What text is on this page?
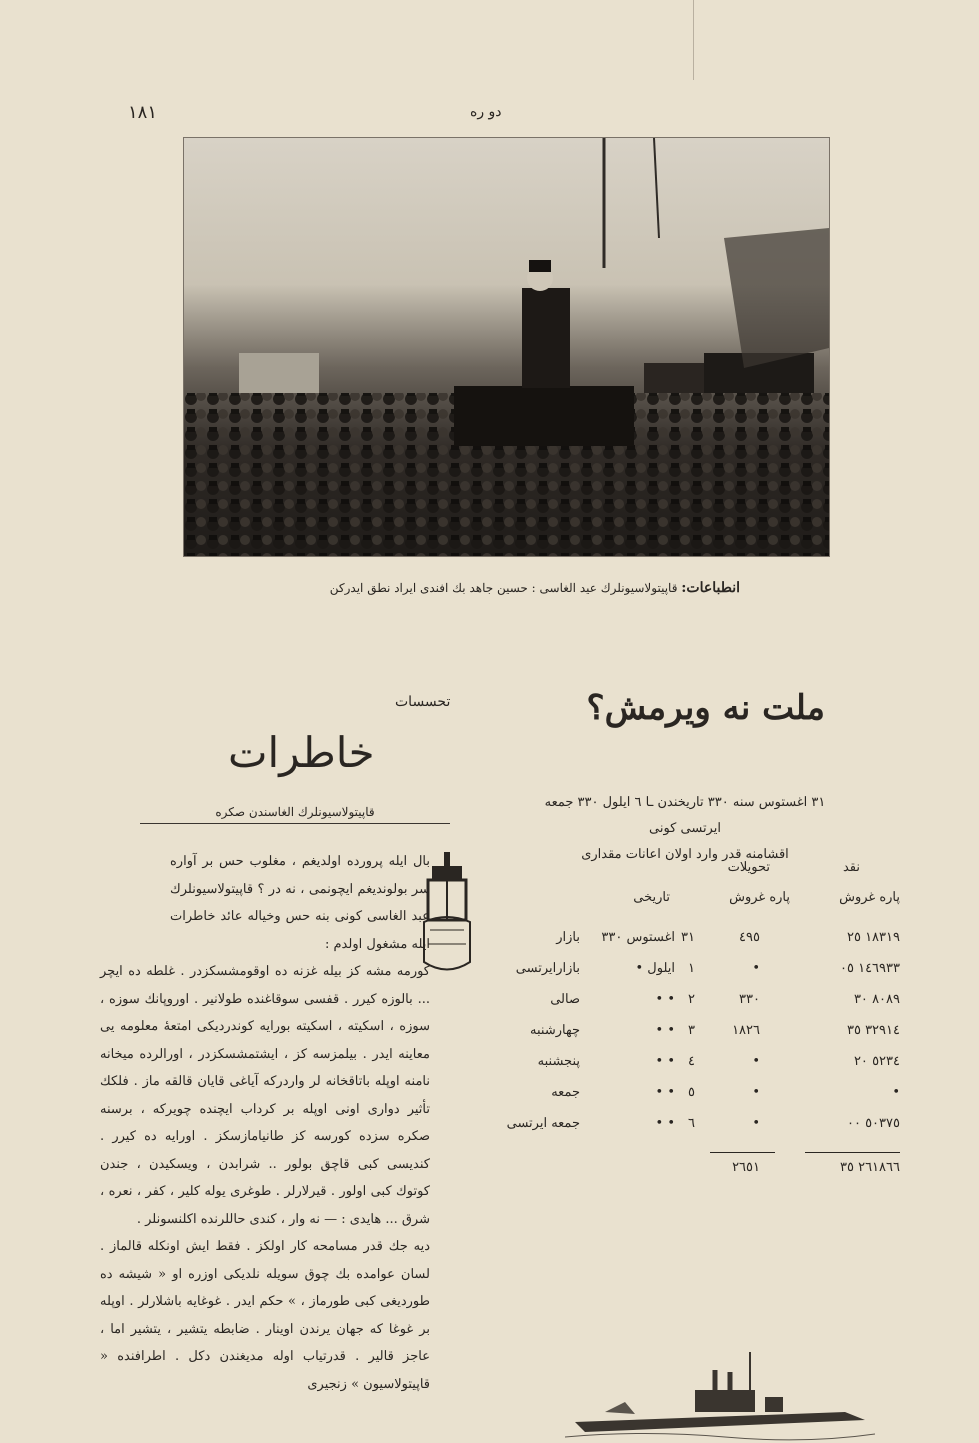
١٨١	دو ره
انطباعات: قاپیتولاسیونلرك عید الغاسی : حسین جاهد بك افندی ایراد نطق ایدركن
ملت نه ویرمش؟
تحسسات
خاطرات
٣١ اغستوس سنه ٣٣٠ تاریخندن ـا ٦ ایلول ٣٣٠ جمعه ایرتسی کونی
اقشامنه قدر وارد اولان اعانات مقداری
نقد
تحویلات
پاره غروش
پاره غروش
تاریخی
١٨٣١٩ ٢٥
٤٩٥
٣١
اغستوس ٣٣٠
بازار
١٤٦٩٣٣ ٠٥
•
١
ایلول •
بازارایرتسی
٨٠٨٩ ٣٠
٣٣٠
٢
• •
صالی
٣٢٩١٤ ٣٥
١٨٢٦
٣
• •
چهارشنبه
٥٢٣٤ ٢٠
•
٤
• •
پنجشنبه
•
•
٥
• •
جمعه
٥٠٣٧٥ ٠٠
•
٦
• •
جمعه ایرتسی
٢٦١٨٦٦ ٣٥
٢٦٥١
قاپیتولاسیونلرك الغاسندن صکره

بال ایله پرورده اولدیغم ، مغلوب حس بر آواره سر بولوندیغم ایچونمی ، نه در ؟ قاپیتولاسیونلرك عبد الغاسی کونی بنه حس وخیاله عائد خاطرات ایله مشغول اولدم :

کورمه مشه کز بیله غزنه ده اوقومشسکزدر . غلطه ده ایچر ... بالوزه کیرر . قفسی سوقاغنده طولانیر . اوروپانك سوزه ، سوزه ، اسکیته ، اسکیته بورایه کوندردیکی امتعهٔ معلومه یی معاینه ایدر . بیلمزسه کز ، ایشتمشسکزدر ، اورالرده میخانه نامنه اوپله باتاقخانه لر واردرکه آیاغی قایان قالقه ماز . فلکك تأثیر دواری اونی اوپله بر کرداب ایچنده چویرکه ، برسنه صکره سزده کورسه کز طانیامازسکز . اورایه ده کیرر . کندیسی کبی قاچق بولور .. شرابدن ، ویسکیدن ، جندن کوتوك کبی اولور . قیرلارلر . طوغری یوله کلیر ، کفر ، نعره ، شرق ... هایدی : — نه وار ، کندی حاللرنده اکلنسونلر .

دیه جك قدر مسامحه کار اولکز . فقط ایش اونکله قالماز . لسان عوامده بك چوق سویله نلدیکی اوزره او « شیشه ده طوردیغی کبی طورماز ، » حکم ایدر . غوغایه باشلارلر . اوپله بر غوغا که جهان یرندن اوینار . ضابطه یتشیر ، یتشیر اما ، عاجز قالیر . قدرتیاب اوله مدیغندن دکل . اطرافنده « قاپیتولاسیون » زنجیری
